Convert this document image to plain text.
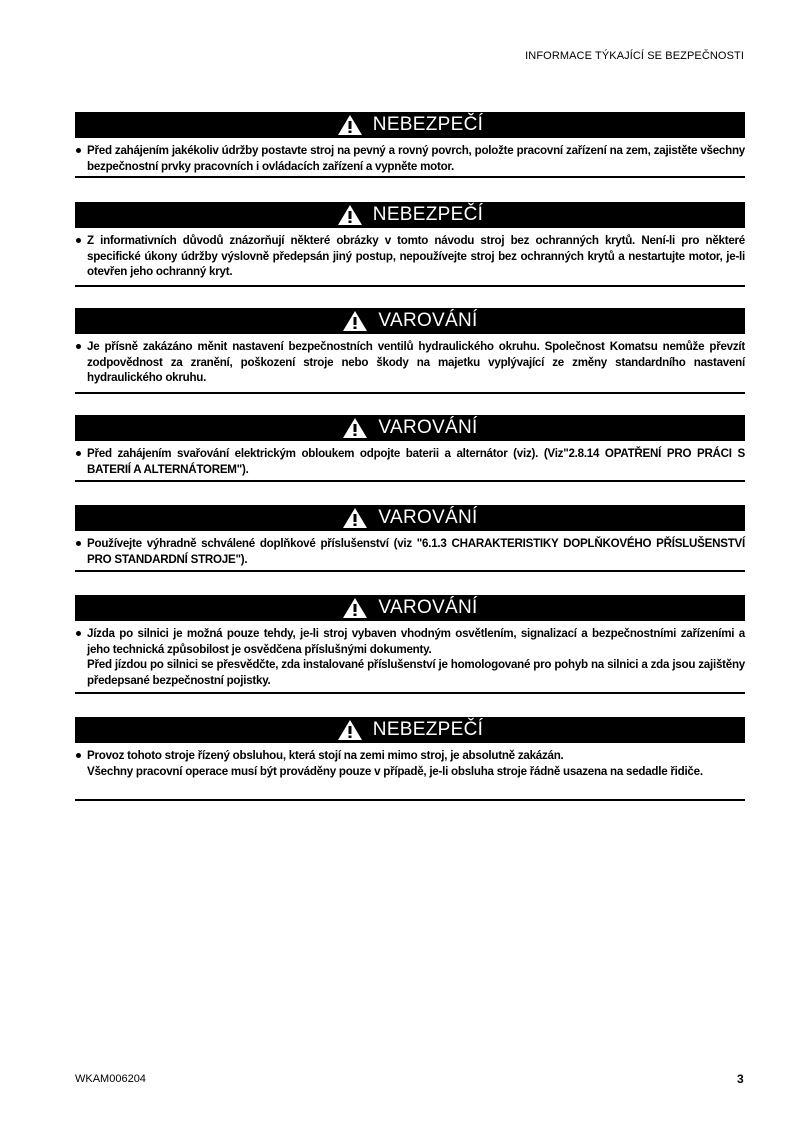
INFORMACE TÝKAJÍCÍ SE BEZPEČNOSTI
NEBEZPEČÍ

Před zahájením jakékoliv údržby postavte stroj na pevný a rovný povrch, položte pracovní zařízení na zem, zajistěte všechny bezpečnostní prvky pracovních i ovládacích zařízení a vypněte motor.

NEBEZPEČÍ

Z informativních důvodů znázorňují některé obrázky v tomto návodu stroj bez ochranných krytů. Není-li pro některé specifické úkony údržby výslovně předepsán jiný postup, nepoužívejte stroj bez ochranných krytů a nestartujte motor, je-li otevřen jeho ochranný kryt.

VAROVÁNÍ

Je přísně zakázáno měnit nastavení bezpečnostních ventilů hydraulického okruhu. Společnost Komatsu nemůže převzít zodpovědnost za zranění, poškození stroje nebo škody na majetku vyplývající ze změny standardního nastavení hydraulického okruhu.

VAROVÁNÍ

Před zahájením svařování elektrickým obloukem odpojte baterii a alternátor (viz). (Viz"2.8.14 OPATŘENÍ PRO PRÁCI S BATERIÍ A ALTERNÁTOREM").

VAROVÁNÍ

Používejte výhradně schválené doplňkové příslušenství (viz "6.1.3 CHARAKTERISTIKY DOPLŇKOVÉHO PŘÍSLUŠENSTVÍ PRO STANDARDNÍ STROJE").

VAROVÁNÍ

Jízda po silnici je možná pouze tehdy, je-li stroj vybaven vhodným osvětlením, signalizací a bezpečnostními zařízeními a jeho technická způsobilost je osvědčena příslušnými dokumenty.

Před jízdou po silnici se přesvědčte, zda instalované příslušenství je homologované pro pohyb na silnici a zda jsou zajištěny předepsané bezpečnostní pojistky.

NEBEZPEČÍ

Provoz tohoto stroje řízený obsluhou, která stojí na zemi mimo stroj, je absolutně zakázán.

Všechny pracovní operace musí být prováděny pouze v případě, je-li obsluha stroje řádně usazena na sedadle řidiče.

WKAM006204	3
